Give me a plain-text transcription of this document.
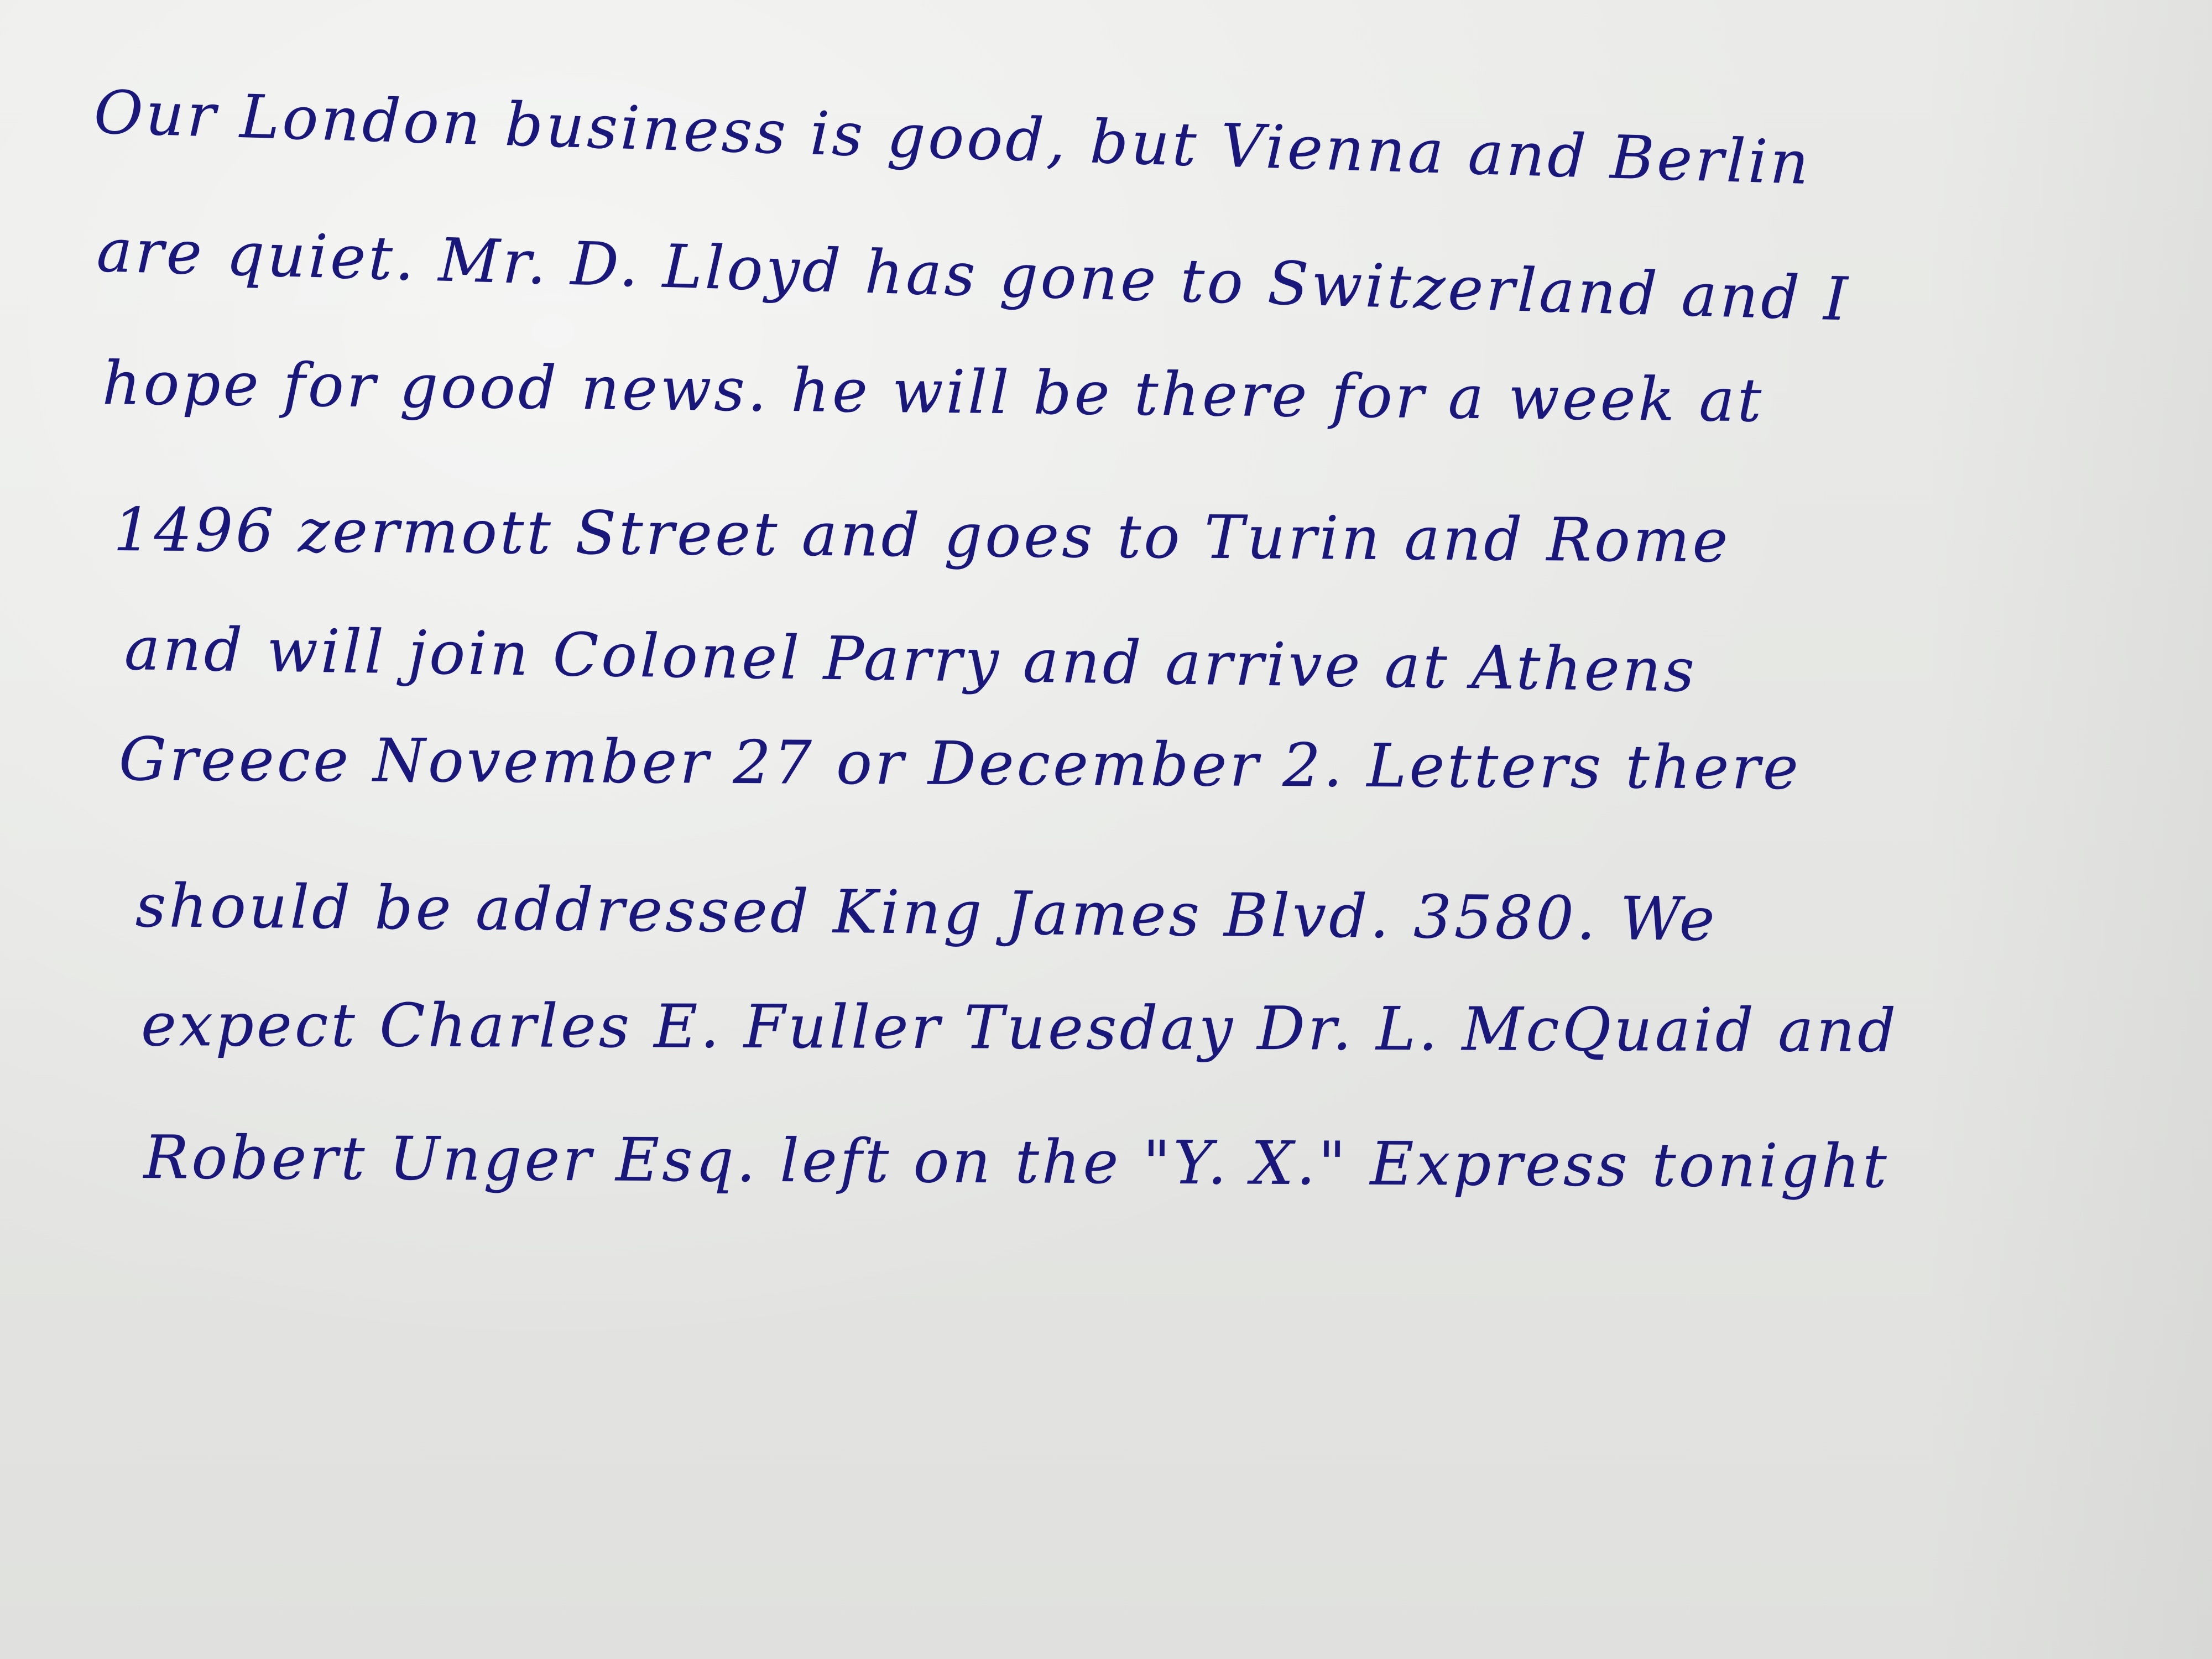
Our London business is good, but Vienna and Berlin

are quiet. Mr. D. Lloyd has gone to Switzerland and I

hope for good news. he will be there for a week at

1496 zermott Street and goes to Turin and Rome

and will join Colonel Parry and arrive at Athens

Greece November 27 or December 2. Letters there

should be addressed King James Blvd. 3580. We

expect Charles E. Fuller Tuesday Dr. L. McQuaid and

Robert Unger Esq. left on the "Y. X." Express tonight
